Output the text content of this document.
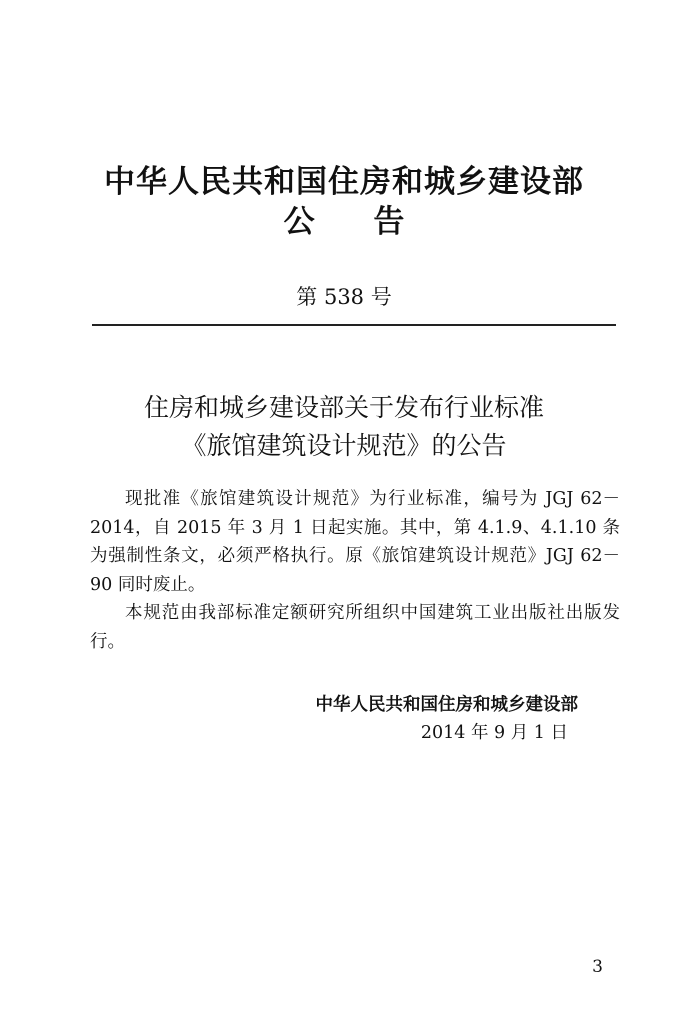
中华人民共和国住房和城乡建设部
公 告
第 538 号
住房和城乡建设部关于发布行业标准
《旅馆建筑设计规范》的公告

现批准《旅馆建筑设计规范》为行业标准，编号为 JGJ 62－2014，自 2015 年 3 月 1 日起实施。其中，第 4.1.9、4.1.10 条为强制性条文，必须严格执行。原《旅馆建筑设计规范》JGJ 62－90 同时废止。

本规范由我部标准定额研究所组织中国建筑工业出版社出版发行。

中华人民共和国住房和城乡建设部
2014 年 9 月 1 日
3
